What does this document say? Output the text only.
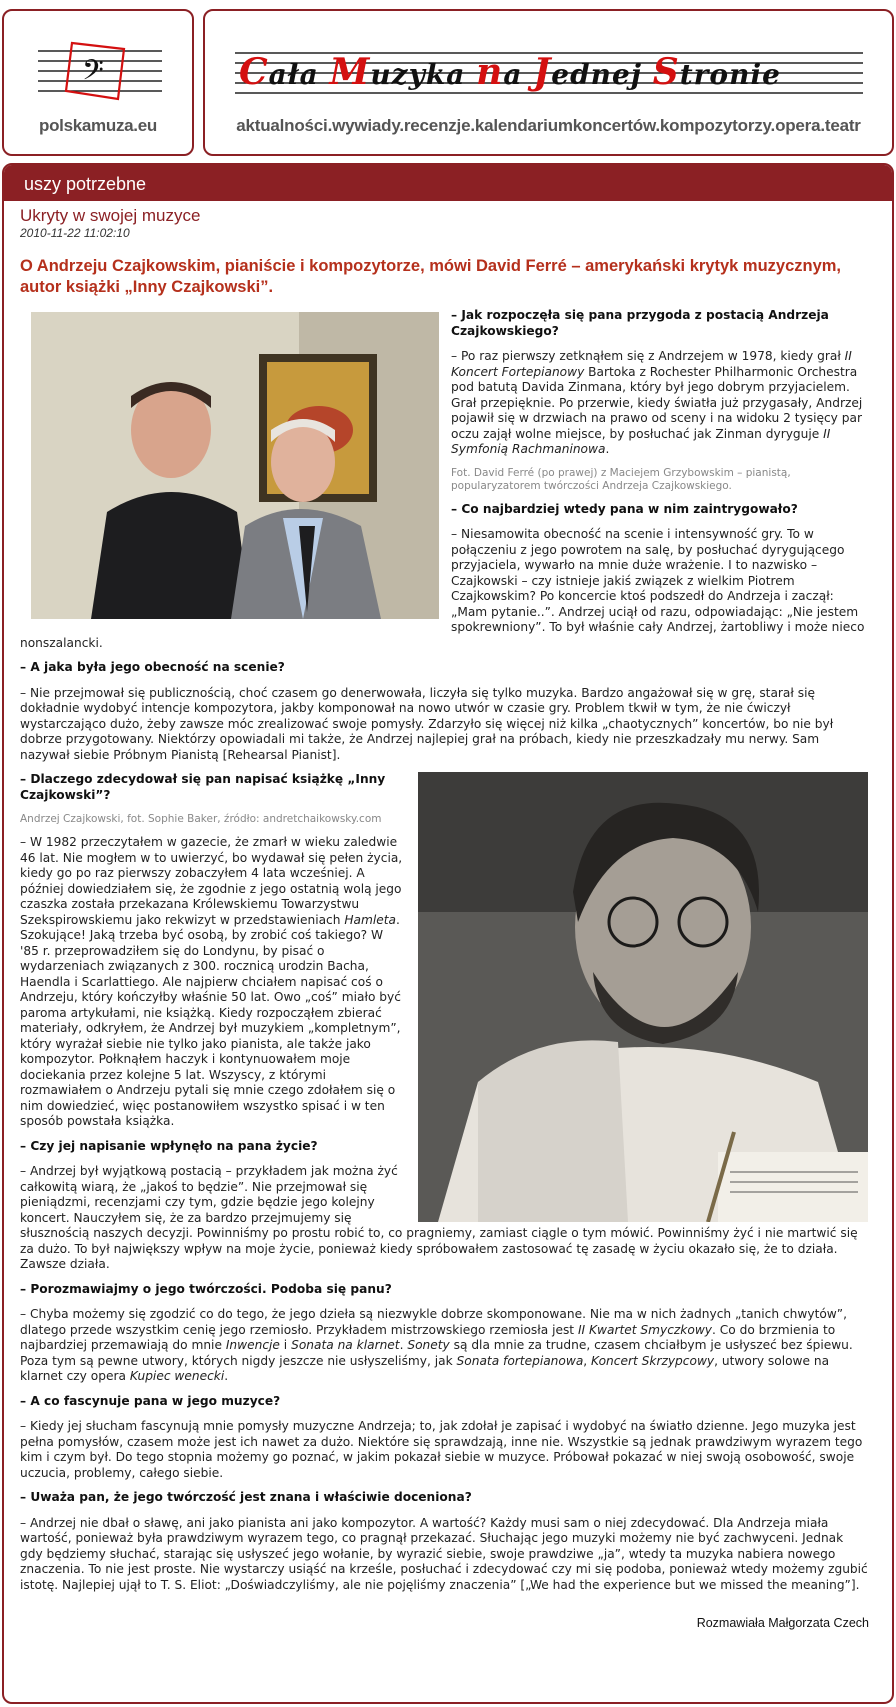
𝄢
polskamuza.eu
Cała Muzyka na Jednej Stronie
aktualności.wywiady.recenzje.kalendariumkoncertów.kompozytorzy.opera.teatr
uszy potrzebne
Ukryty w swojej muzyce
2010-11-22 11:02:10
O Andrzeju Czajkowskim, pianiście i kompozytorze, mówi David Ferré – amerykański krytyk muzycznym, autor książki „Inny Czajkowski”.

– Jak rozpoczęła się pana przygoda z postacią Andrzeja Czajkowskiego?

– Po raz pierwszy zetknąłem się z Andrzejem w 1978, kiedy grał II Koncert Fortepianowy Bartoka z Rochester Philharmonic Orchestra pod batutą Davida Zinmana, który był jego dobrym przyjacielem. Grał przepięknie. Po przerwie, kiedy światła już przygasały, Andrzej pojawił się w drzwiach na prawo od sceny i na widoku 2 tysięcy par oczu zajął wolne miejsce, by posłuchać jak Zinman dyryguje II Symfonią Rachmaninowa.

Fot. David Ferré (po prawej) z Maciejem Grzybowskim – pianistą, popularyzatorem twórczości Andrzeja Czajkowskiego.

– Co najbardziej wtedy pana w nim zaintrygowało?

– Niesamowita obecność na scenie i intensywność gry. To w połączeniu z jego powrotem na salę, by posłuchać dyrygującego przyjaciela, wywarło na mnie duże wrażenie. I to nazwisko – Czajkowski – czy istnieje jakiś związek z wielkim Piotrem Czajkowskim? Po koncercie ktoś podszedł do Andrzeja i zaczął: „Mam pytanie..”. Andrzej uciął od razu, odpowiadając: „Nie jestem spokrewniony”. To był właśnie cały Andrzej, żartobliwy i może nieco nonszalancki.

– A jaka była jego obecność na scenie?

– Nie przejmował się publicznością, choć czasem go denerwowała, liczyła się tylko muzyka. Bardzo angażował się w grę, starał się dokładnie wydobyć intencje kompozytora, jakby komponował na nowo utwór w czasie gry. Problem tkwił w tym, że nie ćwiczył wystarczająco dużo, żeby zawsze móc zrealizować swoje pomysły. Zdarzyło się więcej niż kilka „chaotycznych” koncertów, bo nie był dobrze przygotowany. Niektórzy opowiadali mi także, że Andrzej najlepiej grał na próbach, kiedy nie przeszkadzały mu nerwy. Sam nazywał siebie Próbnym Pianistą [Rehearsal Pianist].

– Dlaczego zdecydował się pan napisać książkę „Inny Czajkowski”?

Andrzej Czajkowski, fot. Sophie Baker, źródło: andretchaikowsky.com

– W 1982 przeczytałem w gazecie, że zmarł w wieku zaledwie 46 lat. Nie mogłem w to uwierzyć, bo wydawał się pełen życia, kiedy go po raz pierwszy zobaczyłem 4 lata wcześniej. A później dowiedziałem się, że zgodnie z jego ostatnią wolą jego czaszka została przekazana Królewskiemu Towarzystwu Szekspirowskiemu jako rekwizyt w przedstawieniach Hamleta. Szokujące! Jaką trzeba być osobą, by zrobić coś takiego? W '85 r. przeprowadziłem się do Londynu, by pisać o wydarzeniach związanych z 300. rocznicą urodzin Bacha, Haendla i Scarlattiego. Ale najpierw chciałem napisać coś o Andrzeju, który kończyłby właśnie 50 lat. Owo „coś” miało być paroma artykułami, nie książką. Kiedy rozpocząłem zbierać materiały, odkryłem, że Andrzej był muzykiem „kompletnym”, który wyrażał siebie nie tylko jako pianista, ale także jako kompozytor. Połknąłem haczyk i kontynuowałem moje dociekania przez kolejne 5 lat. Wszyscy, z którymi rozmawiałem o Andrzeju pytali się mnie czego zdołałem się o nim dowiedzieć, więc postanowiłem wszystko spisać i w ten sposób powstała książka.

– Czy jej napisanie wpłynęło na pana życie?

– Andrzej był wyjątkową postacią – przykładem jak można żyć całkowitą wiarą, że „jakoś to będzie”. Nie przejmował się pieniądzmi, recenzjami czy tym, gdzie będzie jego kolejny koncert. Nauczyłem się, że za bardzo przejmujemy się słusznością naszych decyzji. Powinniśmy po prostu robić to, co pragniemy, zamiast ciągle o tym mówić. Powinniśmy żyć i nie martwić się za dużo. To był największy wpływ na moje życie, ponieważ kiedy spróbowałem zastosować tę zasadę w życiu okazało się, że to działa. Zawsze działa.

– Porozmawiajmy o jego twórczości. Podoba się panu?

– Chyba możemy się zgodzić co do tego, że jego dzieła są niezwykle dobrze skomponowane. Nie ma w nich żadnych „tanich chwytów”, dlatego przede wszystkim cenię jego rzemiosło. Przykładem mistrzowskiego rzemiosła jest II Kwartet Smyczkowy. Co do brzmienia to najbardziej przemawiają do mnie Inwencje i Sonata na klarnet. Sonety są dla mnie za trudne, czasem chciałbym je usłyszeć bez śpiewu. Poza tym są pewne utwory, których nigdy jeszcze nie usłyszeliśmy, jak Sonata fortepianowa, Koncert Skrzypcowy, utwory solowe na klarnet czy opera Kupiec wenecki.

– A co fascynuje pana w jego muzyce?

– Kiedy jej słucham fascynują mnie pomysły muzyczne Andrzeja; to, jak zdołał je zapisać i wydobyć na światło dzienne. Jego muzyka jest pełna pomysłów, czasem może jest ich nawet za dużo. Niektóre się sprawdzają, inne nie. Wszystkie są jednak prawdziwym wyrazem tego kim i czym był. Do tego stopnia możemy go poznać, w jakim pokazał siebie w muzyce. Próbował pokazać w niej swoją osobowość, swoje uczucia, problemy, całego siebie.

– Uważa pan, że jego twórczość jest znana i właściwie doceniona?

– Andrzej nie dbał o sławę, ani jako pianista ani jako kompozytor. A wartość? Każdy musi sam o niej zdecydować. Dla Andrzeja miała wartość, ponieważ była prawdziwym wyrazem tego, co pragnął przekazać. Słuchając jego muzyki możemy nie być zachwyceni. Jednak gdy będziemy słuchać, starając się usłyszeć jego wołanie, by wyrazić siebie, swoje prawdziwe „ja”, wtedy ta muzyka nabiera nowego znaczenia. To nie jest proste. Nie wystarczy usiąść na krześle, posłuchać i zdecydować czy mi się podoba, ponieważ wtedy możemy zgubić istotę. Najlepiej ujął to T. S. Eliot: „Doświadczyliśmy, ale nie pojęliśmy znaczenia” [„We had the experience but we missed the meaning”].

Rozmawiała Małgorzata Czech
